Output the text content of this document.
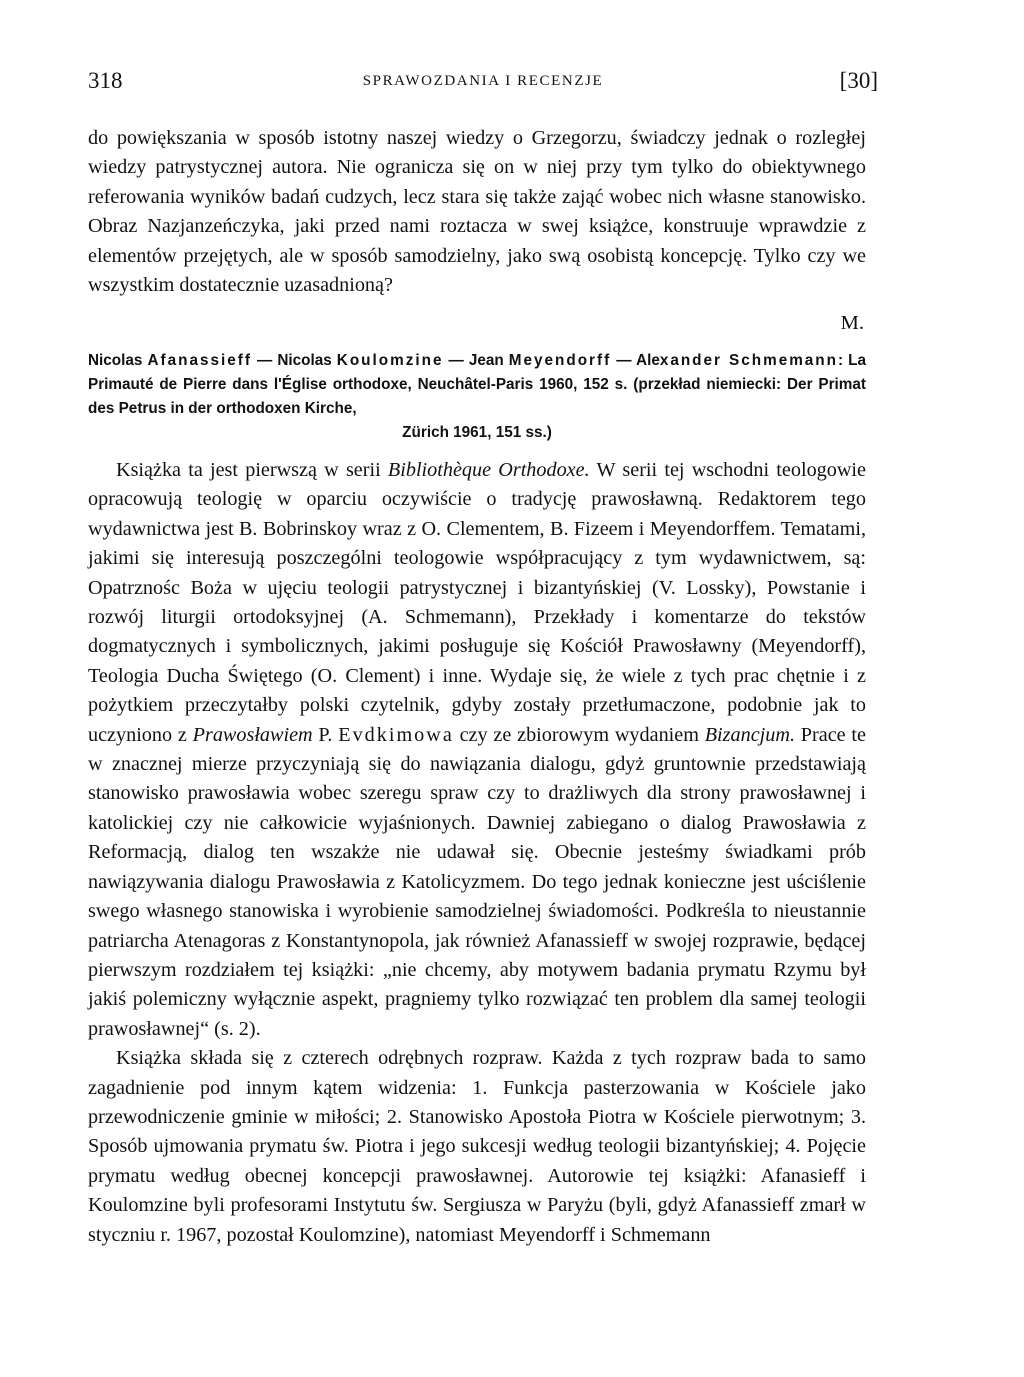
318	SPRAWOZDANIA I RECENZJE	[30]

do powiększania w sposób istotny naszej wiedzy o Grzegorzu, świadczy jednak o rozległej wiedzy patrystycznej autora. Nie ogranicza się on w niej przy tym tylko do obiektywnego referowania wyników badań cudzych, lecz stara się także zająć wobec nich własne stanowisko. Obraz Nazjanzeńczyka, jaki przed nami roztacza w swej książce, konstruuje wprawdzie z elementów przejętych, ale w sposób samodzielny, jako swą osobistą koncepcję. Tylko czy we wszystkim dostatecznie uzasadnioną?

M.
Nicolas Afanassieff — Nicolas Koulomzine — Jean Meyendorff — Alexander Schmemann: La Primauté de Pierre dans l'Église orthodoxe, Neuchâtel-Paris 1960, 152 s. (przekład niemiecki: Der Primat des Petrus in der orthodoxen Kirche,
Zürich 1961, 151 ss.)

Książka ta jest pierwszą w serii Bibliothèque Orthodoxe. W serii tej wschodni teologowie opracowują teologię w oparciu oczywiście o tradycję prawosławną. Redaktorem tego wydawnictwa jest B. Bobrinskoy wraz z O. Clementem, B. Fizeem i Meyendorffem. Tematami, jakimi się interesują poszczególni teologowie współpracujący z tym wydawnictwem, są: Opatrznośc Boża w ujęciu teologii patrystycznej i bizantyńskiej (V. Lossky), Powstanie i rozwój liturgii ortodoksyjnej (A. Schmemann), Przekłady i komentarze do tekstów dogmatycznych i symbolicznych, jakimi posługuje się Kościół Prawosławny (Meyendorff), Teologia Ducha Świętego (O. Clement) i inne. Wydaje się, że wiele z tych prac chętnie i z pożytkiem przeczytałby polski czytelnik, gdyby zostały przetłumaczone, podobnie jak to uczyniono z Prawosławiem P. Evdkimowa czy ze zbiorowym wydaniem Bizancjum. Prace te w znacznej mierze przyczyniają się do nawiązania dialogu, gdyż gruntownie przedstawiają stanowisko prawosławia wobec szeregu spraw czy to drażliwych dla strony prawosławnej i katolickiej czy nie całkowicie wyjaśnionych. Dawniej zabiegano o dialog Prawosławia z Reformacją, dialog ten wszakże nie udawał się. Obecnie jesteśmy świadkami prób nawiązywania dialogu Prawosławia z Katolicyzmem. Do tego jednak konieczne jest uściślenie swego własnego stanowiska i wyrobienie samodzielnej świadomości. Podkreśla to nieustannie patriarcha Atenagoras z Konstantynopola, jak również Afanassieff w swojej rozprawie, będącej pierwszym rozdziałem tej książki: „nie chcemy, aby motywem badania prymatu Rzymu był jakiś polemiczny wyłącznie aspekt, pragniemy tylko rozwiązać ten problem dla samej teologii prawosławnej“ (s. 2).

Książka składa się z czterech odrębnych rozpraw. Każda z tych rozpraw bada to samo zagadnienie pod innym kątem widzenia: 1. Funkcja pasterzowania w Kościele jako przewodniczenie gminie w miłości; 2. Stanowisko Apostoła Piotra w Kościele pierwotnym; 3. Sposób ujmowania prymatu św. Piotra i jego sukcesji według teologii bizantyńskiej; 4. Pojęcie prymatu według obecnej koncepcji prawosławnej. Autorowie tej książki: Afanasieff i Koulomzine byli profesorami Instytutu św. Sergiusza w Paryżu (byli, gdyż Afanassieff zmarł w styczniu r. 1967, pozostał Koulomzine), natomiast Meyendorff i Schmemann
